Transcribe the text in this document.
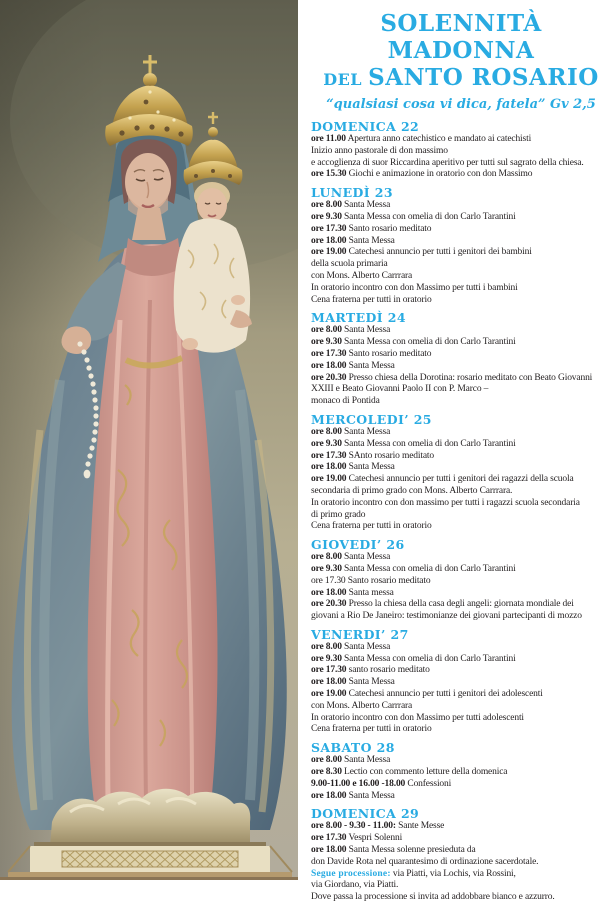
SOLENNITÀ MADONNA
DEL SANTO ROSARIO
“qualsiasi cosa vi dica, fatela” Gv 2,5
DOMENICA 22

ore 11.00 Apertura anno catechistico e mandato ai catechisti

Inizio anno pastorale di don massimo

e accoglienza di suor Riccardina aperitivo per tutti sul sagrato della chiesa.

ore 15.30 Giochi e animazione in oratorio con don Massimo

LUNEDÌ 23

ore 8.00 Santa Messa

ore 9.30 Santa Messa con omelia di don Carlo Tarantini

ore 17.30 Santo rosario meditato

ore 18.00 Santa Messa

ore 19.00 Catechesi annuncio per tutti i genitori dei bambini

della scuola primaria

con Mons. Alberto Carrrara

In oratorio incontro con don Massimo per tutti i bambini

Cena fraterna per tutti in oratorio

MARTEDÌ 24

ore 8.00 Santa Messa

ore 9.30 Santa Messa con omelia di don Carlo Tarantini

ore 17.30 Santo rosario meditato

ore 18.00 Santa Messa

ore 20.30 Presso chiesa della Dorotina: rosario meditato con Beato Giovanni

XXIII e Beato Giovanni Paolo II con P. Marco –

monaco di Pontida

MERCOLEDI’ 25

ore 8.00 Santa Messa

ore 9.30 Santa Messa con omelia di don Carlo Tarantini

ore 17.30 SAnto rosario meditato

ore 18.00 Santa Messa

ore 19.00 Catechesi annuncio per tutti i genitori dei ragazzi della scuola

secondaria di primo grado con Mons. Alberto Carrrara.

In oratorio incontro con don massimo per tutti i ragazzi scuola secondaria

di primo grado

Cena fraterna per tutti in oratorio

GIOVEDI’ 26

ore 8.00 Santa Messa

ore 9.30 Santa Messa con omelia di don Carlo Tarantini

ore 17.30 Santo rosario meditato

ore 18.00 Santa messa

ore 20.30 Presso la chiesa della casa degli angeli: giornata mondiale dei

giovani a Rio De Janeiro: testimonianze dei giovani partecipanti di mozzo

VENERDI’ 27

ore 8.00 Santa Messa

ore 9.30 Santa Messa con omelia di don Carlo Tarantini

ore 17.30 santo rosario meditato

ore 18.00 Santa Messa

ore 19.00 Catechesi annuncio per tutti i genitori dei adolescenti

con Mons. Alberto Carrrara

In oratorio incontro con don Massimo per tutti adolescenti

Cena fraterna per tutti in oratorio

SABATO 28

ore 8.00 Santa Messa

ore 8.30 Lectio con commento letture della domenica

9.00-11.00 e 16.00 -18.00 Confessioni

ore 18.00 Santa Messa

DOMENICA 29

ore 8.00 - 9.30 - 11.00: Sante Messe

ore 17.30 Vespri Solenni

ore 18.00 Santa Messa solenne presieduta da

don Davide Rota nel quarantesimo di ordinazione sacerdotale.

Segue processione: via Piatti, via Lochis, via Rossini,

via Giordano, via Piatti.

Dove passa la processione si invita ad addobbare bianco e azzurro.
